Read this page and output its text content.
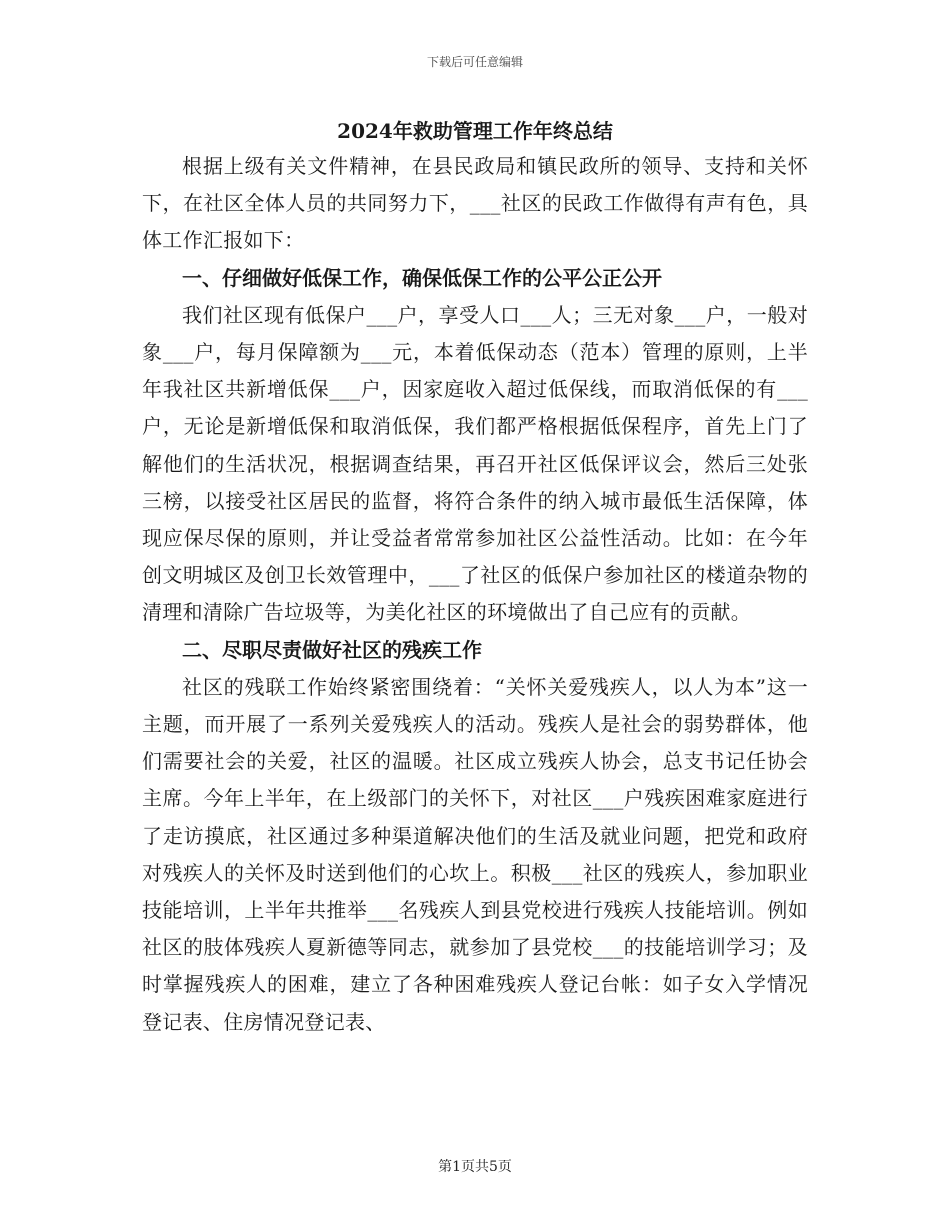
下载后可任意编辑
2024年救助管理工作年终总结

根据上级有关文件精神，在县民政局和镇民政所的领导、支持和关怀下，在社区全体人员的共同努力下，___社区的民政工作做得有声有色，具体工作汇报如下：

一、仔细做好低保工作，确保低保工作的公平公正公开

我们社区现有低保户___户，享受人口___人；三无对象___户，一般对象___户，每月保障额为___元，本着低保动态（范本）管理的原则，上半年我社区共新增低保___户，因家庭收入超过低保线，而取消低保的有___户，无论是新增低保和取消低保，我们都严格根据低保程序，首先上门了解他们的生活状况，根据调查结果，再召开社区低保评议会，然后三处张三榜，以接受社区居民的监督，将符合条件的纳入城市最低生活保障，体现应保尽保的原则，并让受益者常常参加社区公益性活动。比如：在今年创文明城区及创卫长效管理中，___了社区的低保户参加社区的楼道杂物的清理和清除广告垃圾等，为美化社区的环境做出了自己应有的贡献。

二、尽职尽责做好社区的残疾工作

社区的残联工作始终紧密围绕着：“关怀关爱残疾人，以人为本”这一主题，而开展了一系列关爱残疾人的活动。残疾人是社会的弱势群体，他们需要社会的关爱，社区的温暖。社区成立残疾人协会，总支书记任协会主席。今年上半年，在上级部门的关怀下，对社区___户残疾困难家庭进行了走访摸底，社区通过多种渠道解决他们的生活及就业问题，把党和政府对残疾人的关怀及时送到他们的心坎上。积极___社区的残疾人，参加职业技能培训，上半年共推举___名残疾人到县党校进行残疾人技能培训。例如社区的肢体残疾人夏新德等同志，就参加了县党校___的技能培训学习；及时掌握残疾人的困难，建立了各种困难残疾人登记台帐：如子女入学情况登记表、住房情况登记表、

第1页共5页
